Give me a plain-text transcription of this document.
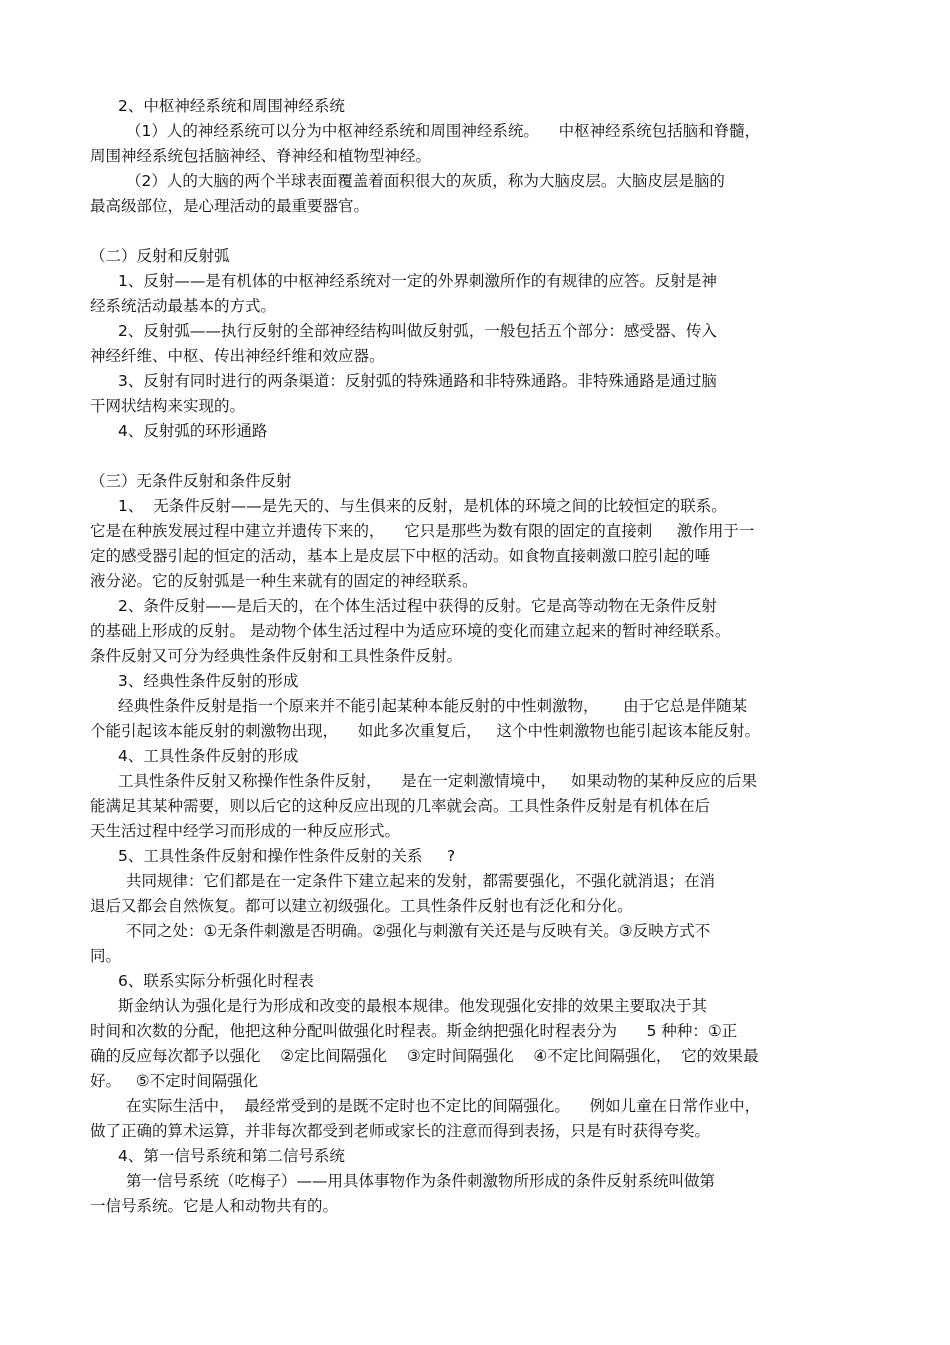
2、中枢神经系统和周围神经系统
（1）人的神经系统可以分为中枢神经系统和周围神经系统。    中枢神经系统包括脑和脊髓，
周围神经系统包括脑神经、脊神经和植物型神经。
（2）人的大脑的两个半球表面覆盖着面积很大的灰质，称为大脑皮层。大脑皮层是脑的
最高级部位，是心理活动的最重要器官。
（二）反射和反射弧
1、反射——是有机体的中枢神经系统对一定的外界刺激所作的有规律的应答。反射是神
经系统活动最基本的方式。
2、反射弧——执行反射的全部神经结构叫做反射弧，一般包括五个部分：感受器、传入
神经纤维、中枢、传出神经纤维和效应器。
3、反射有同时进行的两条渠道：反射弧的特殊通路和非特殊通路。非特殊通路是通过脑
干网状结构来实现的。
4、反射弧的环形通路
（三）无条件反射和条件反射
1、  无条件反射——是先天的、与生俱来的反射，是机体的环境之间的比较恒定的联系。
它是在种族发展过程中建立并遗传下来的，    它只是那些为数有限的固定的直接刺     激作用于一
定的感受器引起的恒定的活动，基本上是皮层下中枢的活动。如食物直接刺激口腔引起的唾
液分泌。它的反射弧是一种生来就有的固定的神经联系。
2、条件反射——是后天的，在个体生活过程中获得的反射。它是高等动物在无条件反射
的基础上形成的反射。 是动物个体生活过程中为适应环境的变化而建立起来的暂时神经联系。
条件反射又可分为经典性条件反射和工具性条件反射。
3、经典性条件反射的形成
经典性条件反射是指一个原来并不能引起某种本能反射的中性刺激物，     由于它总是伴随某
个能引起该本能反射的刺激物出现，    如此多次重复后，   这个中性刺激物也能引起该本能反射。
4、工具性条件反射的形成
工具性条件反射又称操作性条件反射，    是在一定刺激情境中，   如果动物的某种反应的后果
能满足其某种需要，则以后它的这种反应出现的几率就会高。工具性条件反射是有机体在后
天生活过程中经学习而形成的一种反应形式。
5、工具性条件反射和操作性条件反射的关系     ?
共同规律：它们都是在一定条件下建立起来的发射，都需要强化，不强化就消退；在消
退后又都会自然恢复。都可以建立初级强化。工具性条件反射也有泛化和分化。
不同之处：①无条件刺激是否明确。②强化与刺激有关还是与反映有关。③反映方式不
同。
6、联系实际分析强化时程表
斯金纳认为强化是行为形成和改变的最根本规律。他发现强化安排的效果主要取决于其
时间和次数的分配，他把这种分配叫做强化时程表。斯金纳把强化时程表分为      5 种种：①正
确的反应每次都予以强化    ②定比间隔强化    ③定时间隔强化    ④不定比间隔强化，  它的效果最
好。   ⑤不定时间隔强化
在实际生活中，  最经常受到的是既不定时也不定比的间隔强化。    例如儿童在日常作业中，
做了正确的算术运算，并非每次都受到老师或家长的注意而得到表扬，只是有时获得夸奖。
4、第一信号系统和第二信号系统
第一信号系统（吃梅子）——用具体事物作为条件刺激物所形成的条件反射系统叫做第
一信号系统。它是人和动物共有的。
